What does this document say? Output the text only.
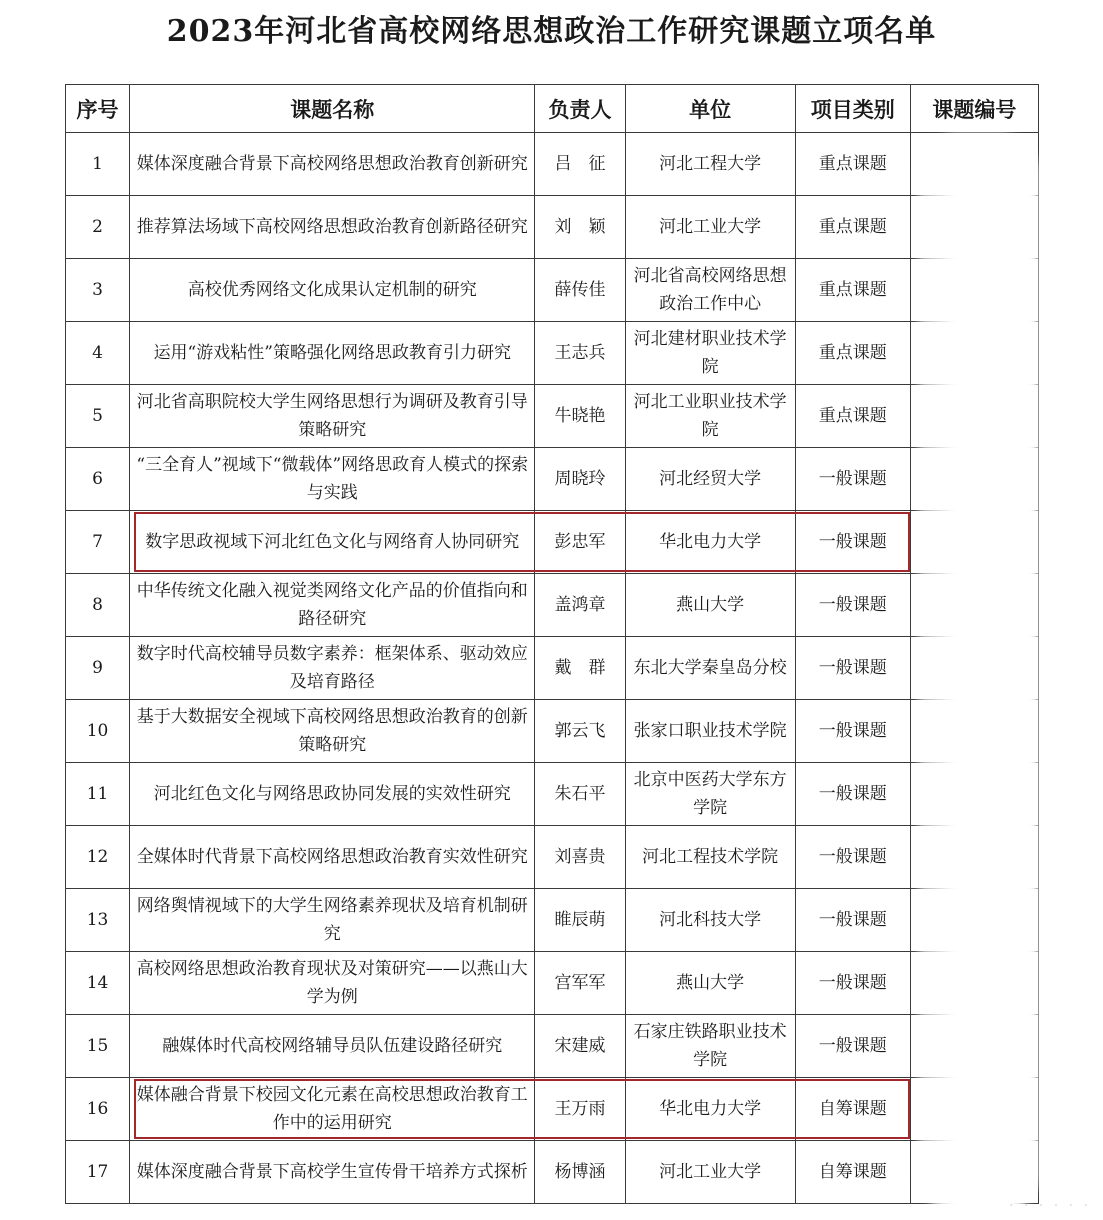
2023年河北省高校网络思想政治工作研究课题立项名单
序号	课题名称	负责人	单位	项目类别	课题编号
1	媒体深度融合背景下高校网络思想政治教育创新研究	吕　征	河北工程大学	重点课题	
2	推荐算法场域下高校网络思想政治教育创新路径研究	刘　颖	河北工业大学	重点课题	
3	高校优秀网络文化成果认定机制的研究	薛传佳	河北省高校网络思想政治工作中心	重点课题	
4	运用“游戏粘性”策略强化网络思政教育引力研究	王志兵	河北建材职业技术学院	重点课题	
5	河北省高职院校大学生网络思想行为调研及教育引导策略研究	牛晓艳	河北工业职业技术学院	重点课题	
6	“三全育人”视域下“微载体”网络思政育人模式的探索与实践	周晓玲	河北经贸大学	一般课题	
7	数字思政视域下河北红色文化与网络育人协同研究	彭忠军	华北电力大学	一般课题	
8	中华传统文化融入视觉类网络文化产品的价值指向和路径研究	盖鸿章	燕山大学	一般课题	
9	数字时代高校辅导员数字素养：框架体系、驱动效应及培育路径	戴　群	东北大学秦皇岛分校	一般课题	
10	基于大数据安全视域下高校网络思想政治教育的创新策略研究	郭云飞	张家口职业技术学院	一般课题	
11	河北红色文化与网络思政协同发展的实效性研究	朱石平	北京中医药大学东方学院	一般课题	
12	全媒体时代背景下高校网络思想政治教育实效性研究	刘喜贵	河北工程技术学院	一般课题	
13	网络舆情视域下的大学生网络素养现状及培育机制研究	睢辰萌	河北科技大学	一般课题	
14	高校网络思想政治教育现状及对策研究——以燕山大学为例	宫军军	燕山大学	一般课题	
15	融媒体时代高校网络辅导员队伍建设路径研究	宋建威	石家庄铁路职业技术学院	一般课题	
16	媒体融合背景下校园文化元素在高校思想政治教育工作中的运用研究	王万雨	华北电力大学	自筹课题	
17	媒体深度融合背景下高校学生宣传骨干培养方式探析	杨博涵	河北工业大学	自筹课题	
· · · · · ·
